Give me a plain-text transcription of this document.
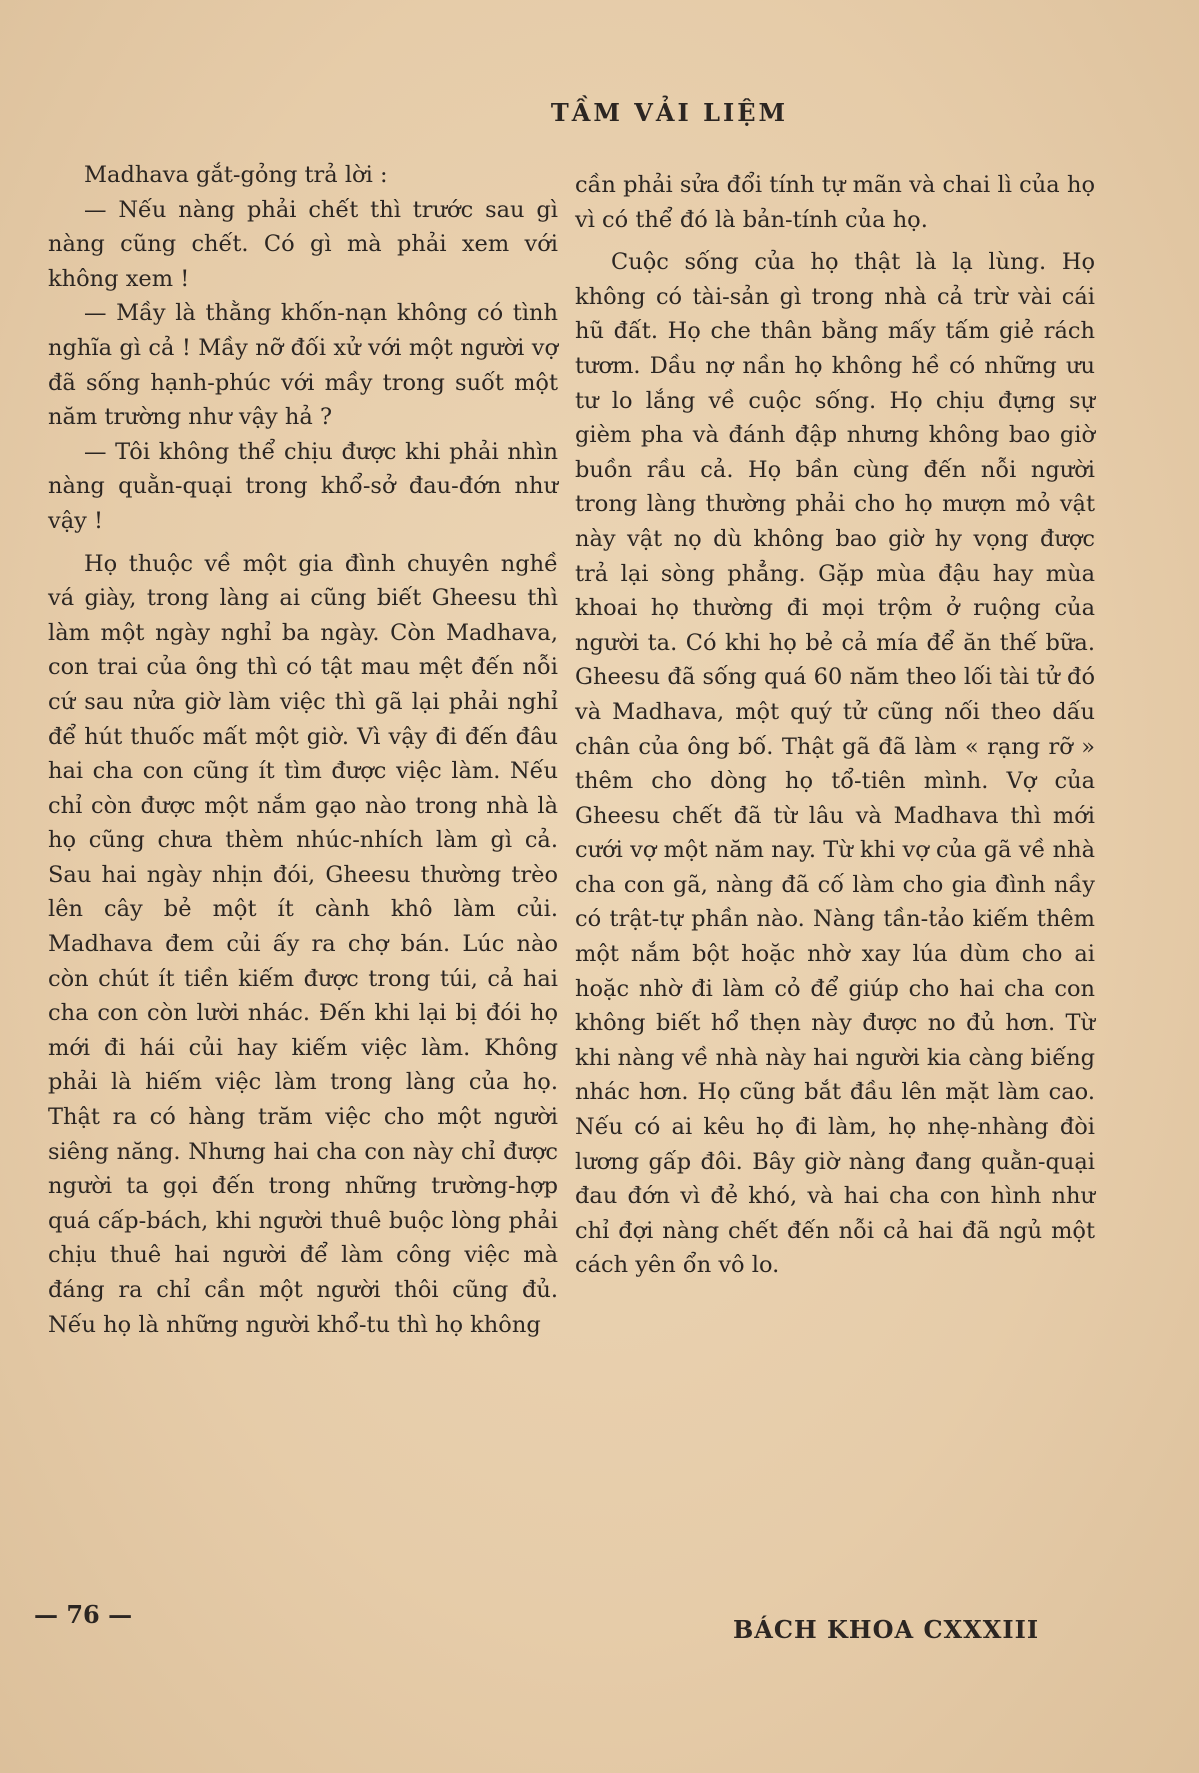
TẦM VẢI LIỆM

Madhava gắt-gỏng trả lời :

— Nếu nàng phải chết thì trước sau gì nàng cũng chết. Có gì mà phải xem với không xem !

— Mầy là thằng khốn-nạn không có tình nghĩa gì cả ! Mầy nỡ đối xử với một người vợ đã sống hạnh-phúc với mầy trong suốt một năm trường như vậy hả ?

— Tôi không thể chịu được khi phải nhìn nàng quằn-quại trong khổ-sở đau-đớn như vậy !

Họ thuộc về một gia đình chuyên nghề vá giày, trong làng ai cũng biết Gheesu thì làm một ngày nghỉ ba ngày. Còn Madhava, con trai của ông thì có tật mau mệt đến nỗi cứ sau nửa giờ làm việc thì gã lại phải nghỉ để hút thuốc mất một giờ. Vì vậy đi đến đâu hai cha con cũng ít tìm được việc làm. Nếu chỉ còn được một nắm gạo nào trong nhà là họ cũng chưa thèm nhúc-nhích làm gì cả. Sau hai ngày nhịn đói, Gheesu thường trèo lên cây bẻ một ít cành khô làm củi. Madhava đem củi ấy ra chợ bán. Lúc nào còn chút ít tiền kiếm được trong túi, cả hai cha con còn lười nhác. Đến khi lại bị đói họ mới đi hái củi hay kiếm việc làm. Không phải là hiếm việc làm trong làng của họ. Thật ra có hàng trăm việc cho một người siêng năng. Nhưng hai cha con này chỉ được người ta gọi đến trong những trường-hợp quá cấp-bách, khi người thuê buộc lòng phải chịu thuê hai người để làm công việc mà đáng ra chỉ cần một người thôi cũng đủ. Nếu họ là những người khổ-tu thì họ không

cần phải sửa đổi tính tự mãn và chai lì của họ vì có thể đó là bản-tính của họ.

Cuộc sống của họ thật là lạ lùng. Họ không có tài-sản gì trong nhà cả trừ vài cái hũ đất. Họ che thân bằng mấy tấm giẻ rách tươm. Dầu nợ nần họ không hề có những ưu tư lo lắng về cuộc sống. Họ chịu đựng sự gièm pha và đánh đập nhưng không bao giờ buồn rầu cả. Họ bần cùng đến nỗi người trong làng thường phải cho họ mượn mỏ vật này vật nọ dù không bao giờ hy vọng được trả lại sòng phẳng. Gặp mùa đậu hay mùa khoai họ thường đi mọi trộm ở ruộng của người ta. Có khi họ bẻ cả mía để ăn thế bữa. Gheesu đã sống quá 60 năm theo lối tài tử đó và Madhava, một quý tử cũng nối theo dấu chân của ông bố. Thật gã đã làm « rạng rỡ » thêm cho dòng họ tổ-tiên mình. Vợ của Gheesu chết đã từ lâu và Madhava thì mới cưới vợ một năm nay. Từ khi vợ của gã về nhà cha con gã, nàng đã cố làm cho gia đình nầy có trật-tự phần nào. Nàng tần-tảo kiếm thêm một nắm bột hoặc nhờ xay lúa dùm cho ai hoặc nhờ đi làm cỏ để giúp cho hai cha con không biết hổ thẹn này được no đủ hơn. Từ khi nàng về nhà này hai người kia càng biếng nhác hơn. Họ cũng bắt đầu lên mặt làm cao. Nếu có ai kêu họ đi làm, họ nhẹ-nhàng đòi lương gấp đôi. Bây giờ nàng đang quằn-quại đau đớn vì đẻ khó, và hai cha con hình như chỉ đợi nàng chết đến nỗi cả hai đã ngủ một cách yên ổn vô lo.

— 76 —
BÁCH KHOA CXXXIII
